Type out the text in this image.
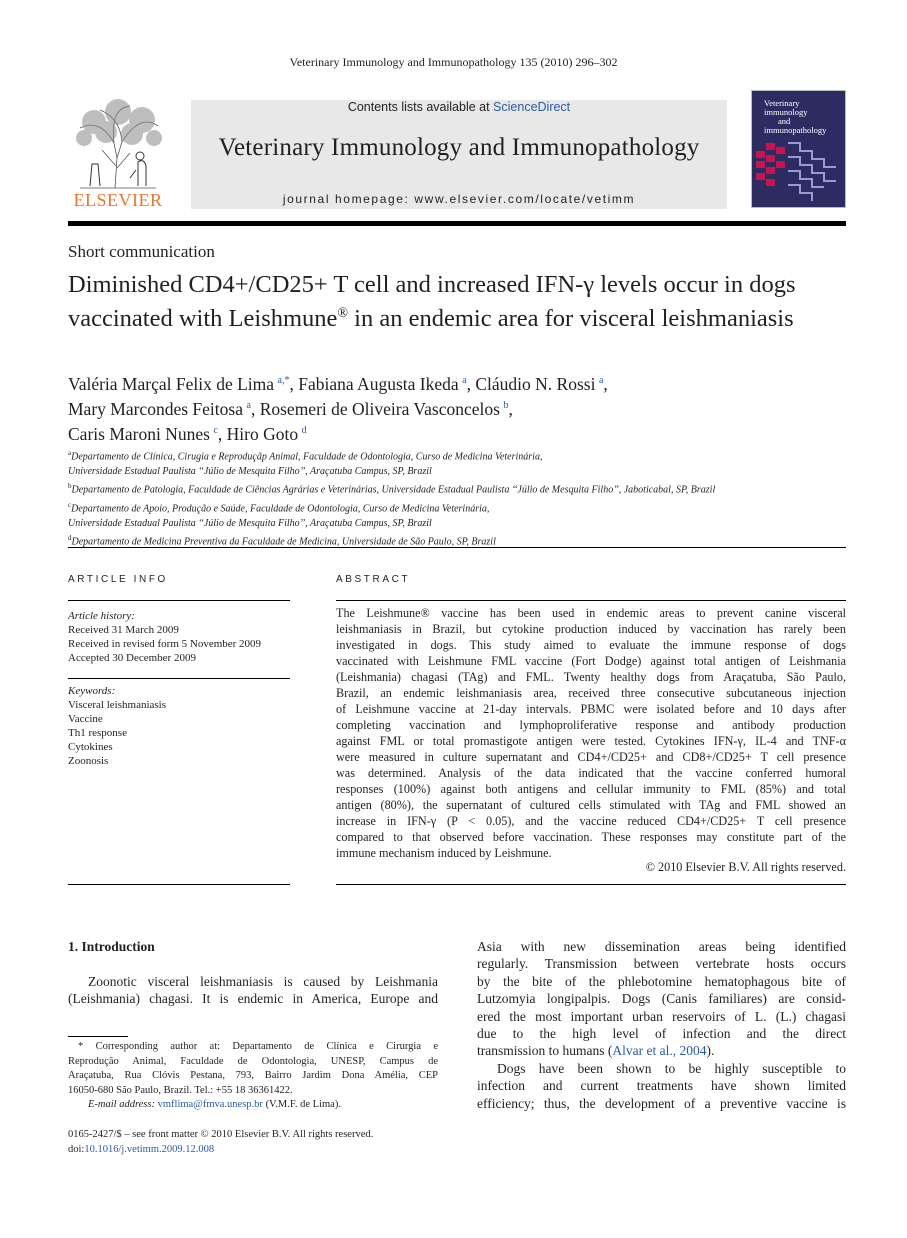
Veterinary Immunology and Immunopathology 135 (2010) 296–302
ELSEVIER
Contents lists available at ScienceDirect
Veterinary Immunology and Immunopathology
journal homepage: www.elsevier.com/locate/vetimm
Veterinary
immunology
and
immunopathology
Short communication
Diminished CD4+/CD25+ T cell and increased IFN-γ levels occur in dogs vaccinated with Leishmune® in an endemic area for visceral leishmaniasis
Valéria Marçal Felix de Lima  $^{a,*}$, Fabiana Augusta Ikeda  $^a$, Cláudio N. Rossi  $^a$,
Mary Marcondes Feitosa  $^a$, Rosemeri de Oliveira Vasconcelos  $^b$,
Caris Maroni Nunes  $^c$, Hiro Goto  $^d$
$^a$Departamento de Clínica, Cirugia e Reproduçãp Animal, Faculdade de Odontologia, Curso de Medicina Veterinária,
Universidade Estadual Paulista ‘‘Júlio de Mesquita Filho’’, Araçatuba Campus, SP, Brazil
$^b$Departamento de Patologia, Faculdade de Ciências Agrárias e Veterinárias, Universidade Estadual Paulista ‘‘Júlio de Mesquita Filho’’, Jaboticabal, SP, Brazil
$^c$Departamento de Apoio, Produção e Saúde, Faculdade de Odontologia, Curso de Medicina Veterinária,
Universidade Estadual Paulista ‘‘Júlio de Mesquita Filho’’, Araçatuba Campus, SP, Brazil
$^d$Departamento de Medicina Preventiva da Faculdade de Medicina, Universidade de São Paulo, SP, Brazil
ARTICLE INFO
Article history:
Received 31 March 2009
Received in revised form 5 November 2009
Accepted 30 December 2009
Keywords:
Visceral leishmaniasis
Vaccine
Th1 response
Cytokines
Zoonosis
ABSTRACT
The Leishmune® vaccine has been used in endemic areas to prevent canine visceral
leishmaniasis in Brazil, but cytokine production induced by vaccination has rarely been
investigated in dogs. This study aimed to evaluate the immune response of dogs
vaccinated with Leishmune FML vaccine (Fort Dodge) against total antigen of Leishmania
(Leishmania) chagasi (TAg) and FML. Twenty healthy dogs from Araçatuba, São Paulo,
Brazil, an endemic leishmaniasis area, received three consecutive subcutaneous injection
of Leishmune vaccine at 21-day intervals. PBMC were isolated before and 10 days after
completing vaccination and lymphoproliferative response and antibody production
against FML or total promastigote antigen were tested. Cytokines IFN-γ, IL-4 and TNF-α
were measured in culture supernatant and CD4+/CD25+ and CD8+/CD25+ T cell presence
was determined. Analysis of the data indicated that the vaccine conferred humoral
responses (100%) against both antigens and cellular immunity to FML (85%) and total
antigen (80%), the supernatant of cultured cells stimulated with TAg and FML showed an
increase in IFN-γ (P < 0.05), and the vaccine reduced CD4+/CD25+ T cell presence
compared to that observed before vaccination. These responses may constitute part of the
immune mechanism induced by Leishmune.
© 2010 Elsevier B.V. All rights reserved.
1. Introduction
Zoonotic visceral leishmaniasis is caused by Leishmania
(Leishmania) chagasi. It is endemic in America, Europe and
Asia with new dissemination areas being identified
regularly. Transmission between vertebrate hosts occurs
by the bite of the phlebotomine hematophagous bite of
Lutzomyia longipalpis. Dogs (Canis familiares) are consid-
ered the most important urban reservoirs of L. (L.) chagasi
due to the high level of infection and the direct
transmission to humans (Alvar et al., 2004).
Dogs have been shown to be highly susceptible to
infection and current treatments have shown limited
efficiency; thus, the development of a preventive vaccine is
* Corresponding author at: Departamento de Clínica e Cirurgia e
Reprodução Animal, Faculdade de Odontologia, UNESP, Campus de
Araçatuba, Rua Clóvis Pestana, 793, Bairro Jardim Dona Amélia, CEP
16050-680 São Paulo, Brazil. Tel.: +55 18 36361422.
E-mail address: vmflima@fmva.unesp.br (V.M.F. de Lima).
0165-2427/$ – see front matter © 2010 Elsevier B.V. All rights reserved.
doi:10.1016/j.vetimm.2009.12.008
